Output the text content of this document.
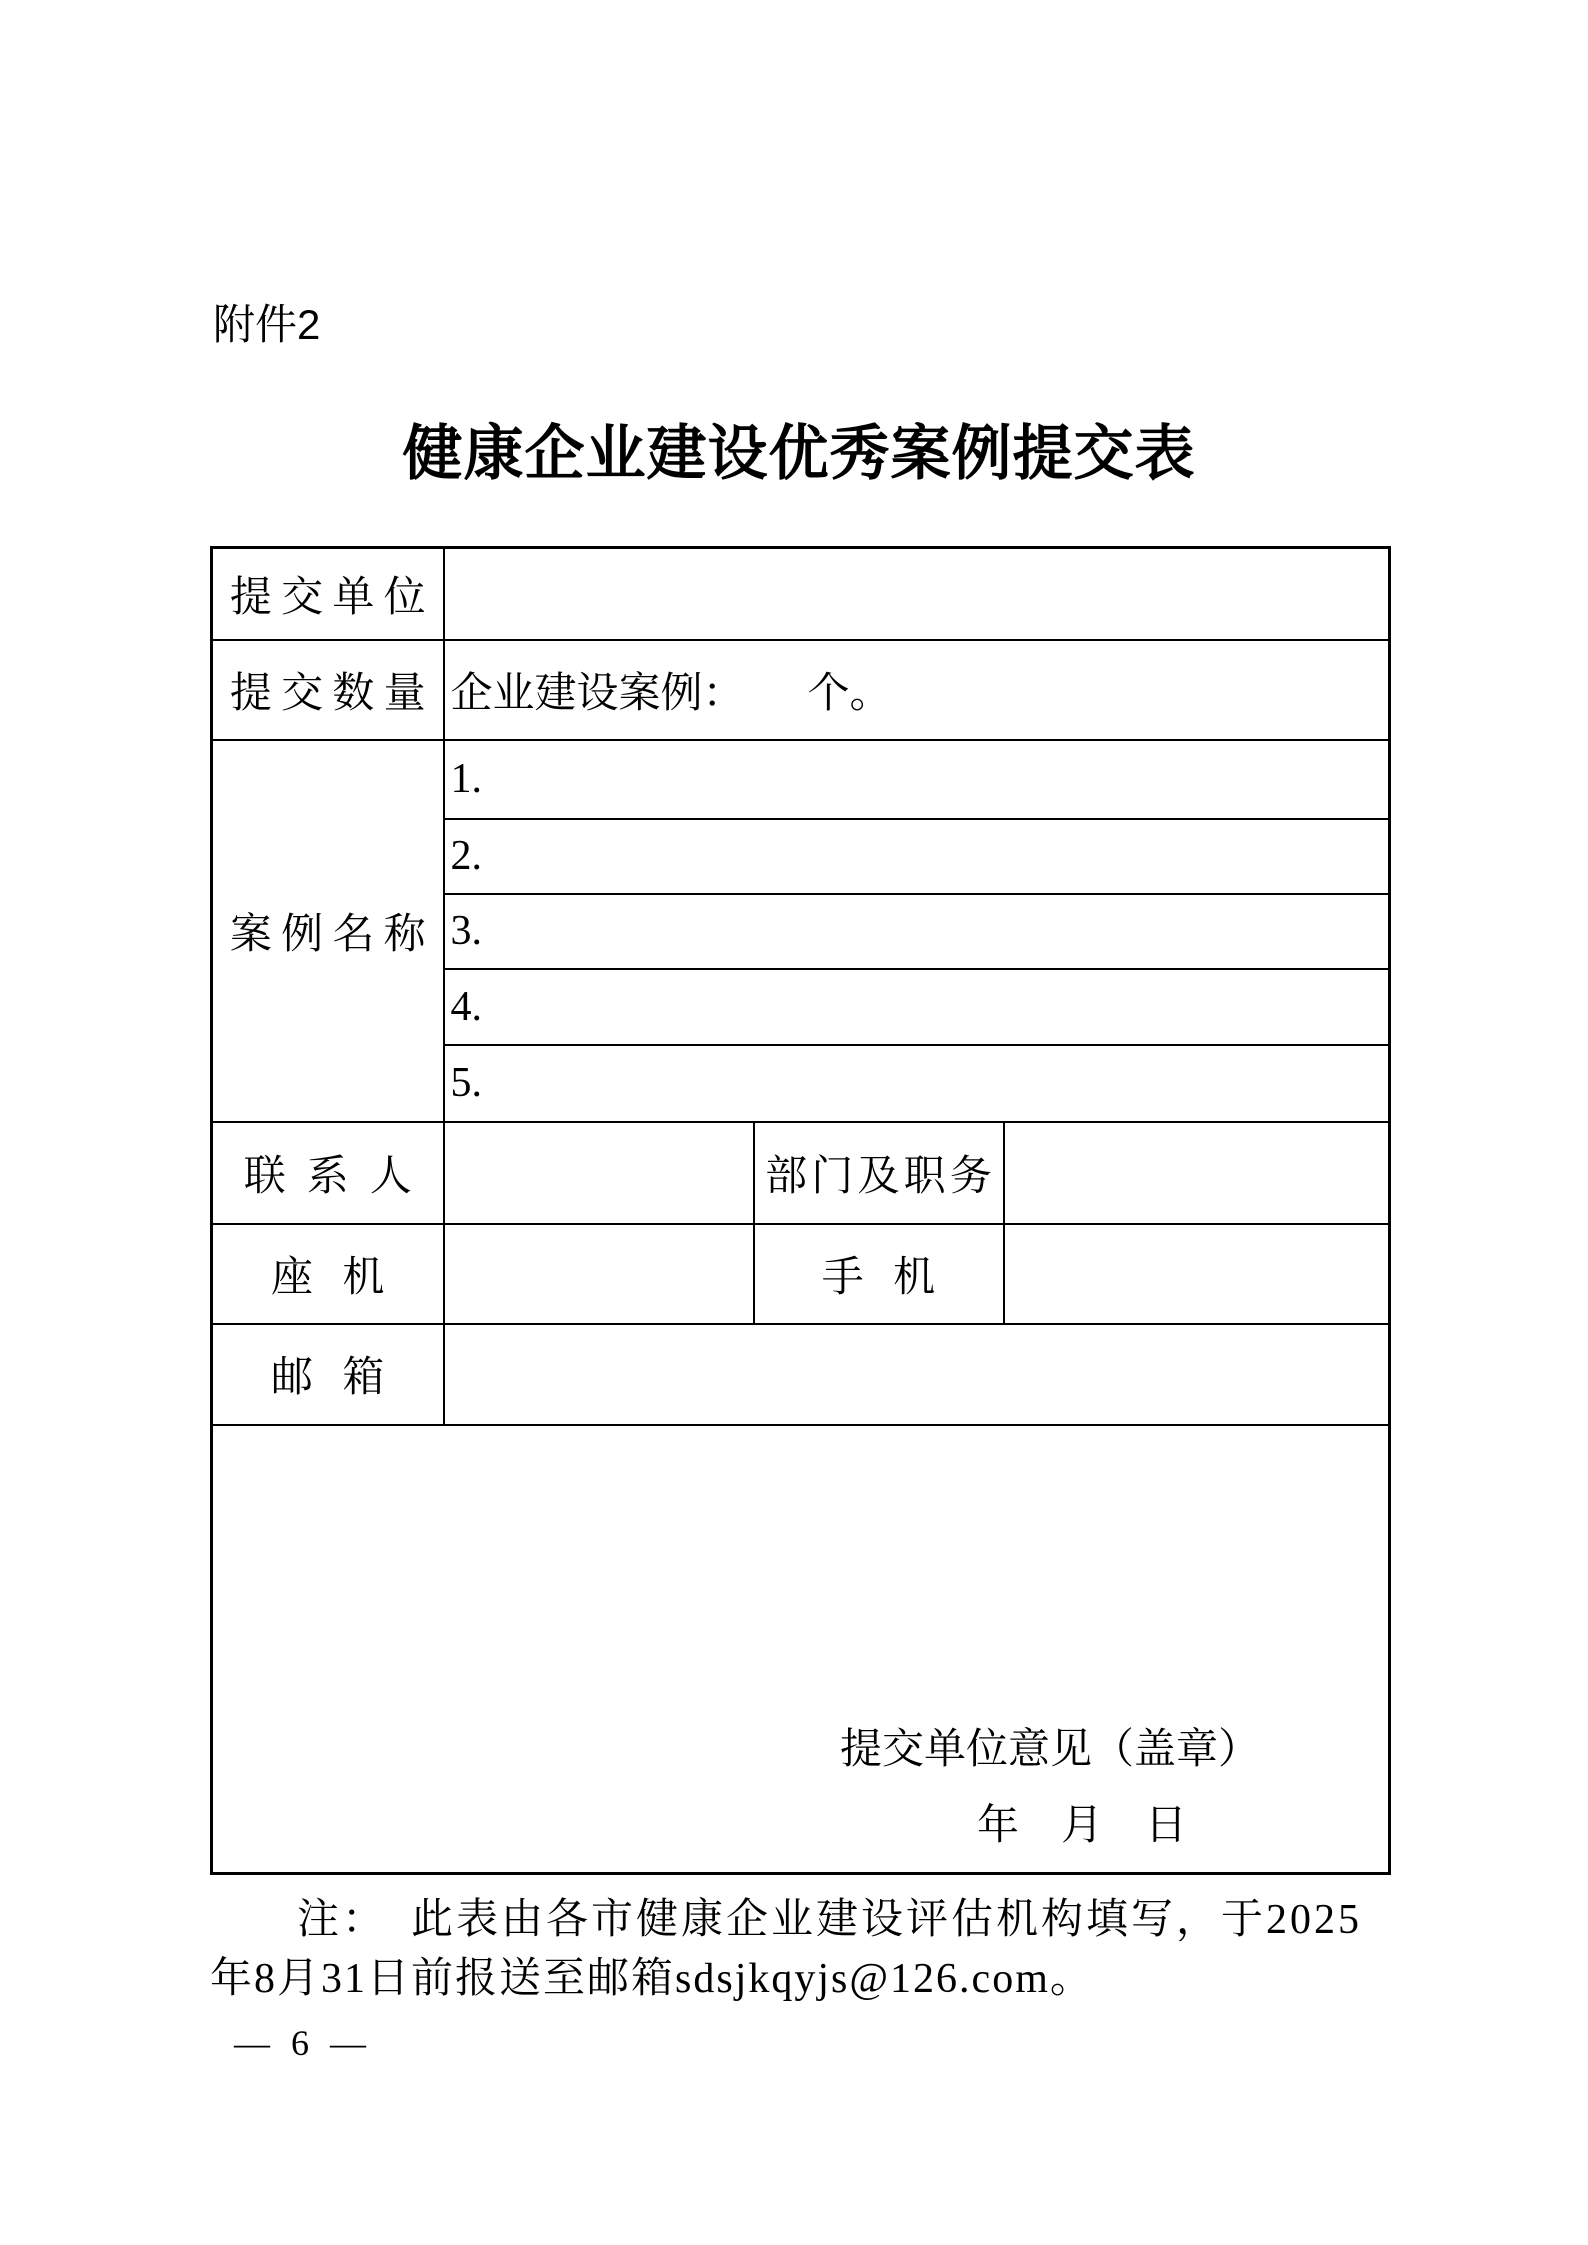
附件2
健康企业建设优秀案例提交表
提交单位			
提交数量	企业建设案例：　　个。		
案例名称	1.		
	2.		
	3.		
	4.		
	5.		
联系人		部门及职务	
座机		手机	
邮箱			

提交单位意见（盖章）
年　月　日			
注：　此表由各市健康企业建设评估机构填写，于2025
年8月31日前报送至邮箱sdsjkqyjs@126.com。
— 6 —
